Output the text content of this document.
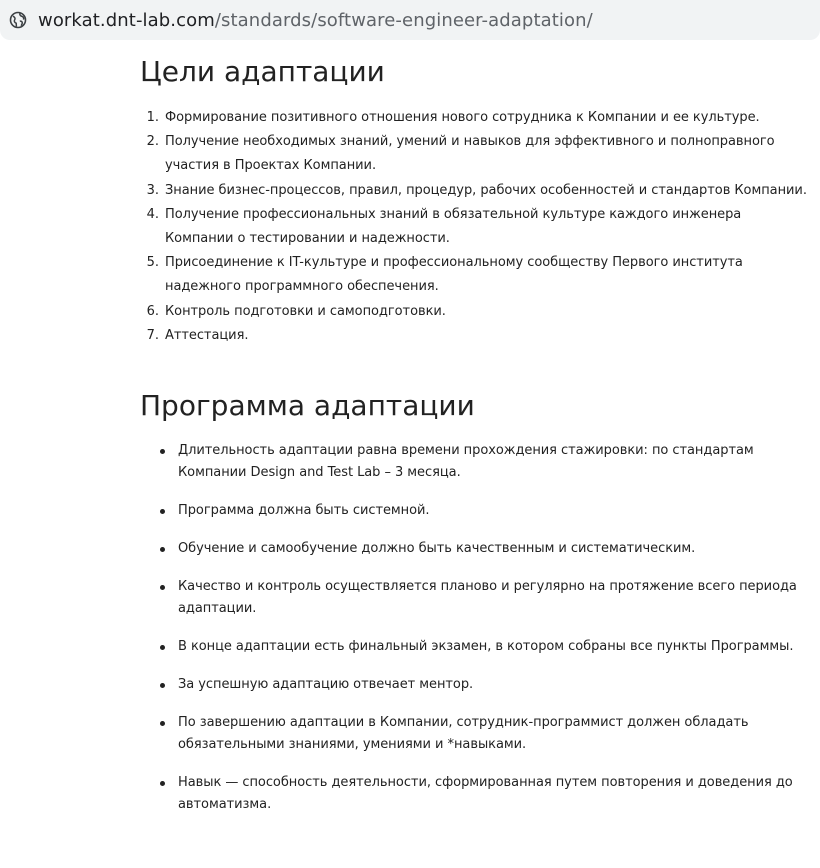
workat.dnt-lab.com/standards/software-engineer-adaptation/
Цели адаптации
1. Формирование позитивного отношения нового сотрудника к Компании и ее культуре.
2. Получение необходимых знаний, умений и навыков для эффективного и полноправного участия в Проектах Компании.
3. Знание бизнес-процессов, правил, процедур, рабочих особенностей и стандартов Компании.
4. Получение профессиональных знаний в обязательной культуре каждого инженера Компании о тестировании и надежности.
5. Присоединение к IT-культуре и профессиональному сообществу Первого института надежного программного обеспечения.
6. Контроль подготовки и самоподготовки.
7. Аттестация.
Программа адаптации
Длительность адаптации равна времени прохождения стажировки: по стандартам Компании Design and Test Lab – 3 месяца.
Программа должна быть системной.
Обучение и самообучение должно быть качественным и систематическим.
Качество и контроль осуществляется планово и регулярно на протяжение всего периода адаптации.
В конце адаптации есть финальный экзамен, в котором собраны все пункты Программы.
За успешную адаптацию отвечает ментор.
По завершению адаптации в Компании, сотрудник-программист должен обладать обязательными знаниями, умениями и *навыками.
Навык — способность деятельности, сформированная путем повторения и доведения до автоматизма.
